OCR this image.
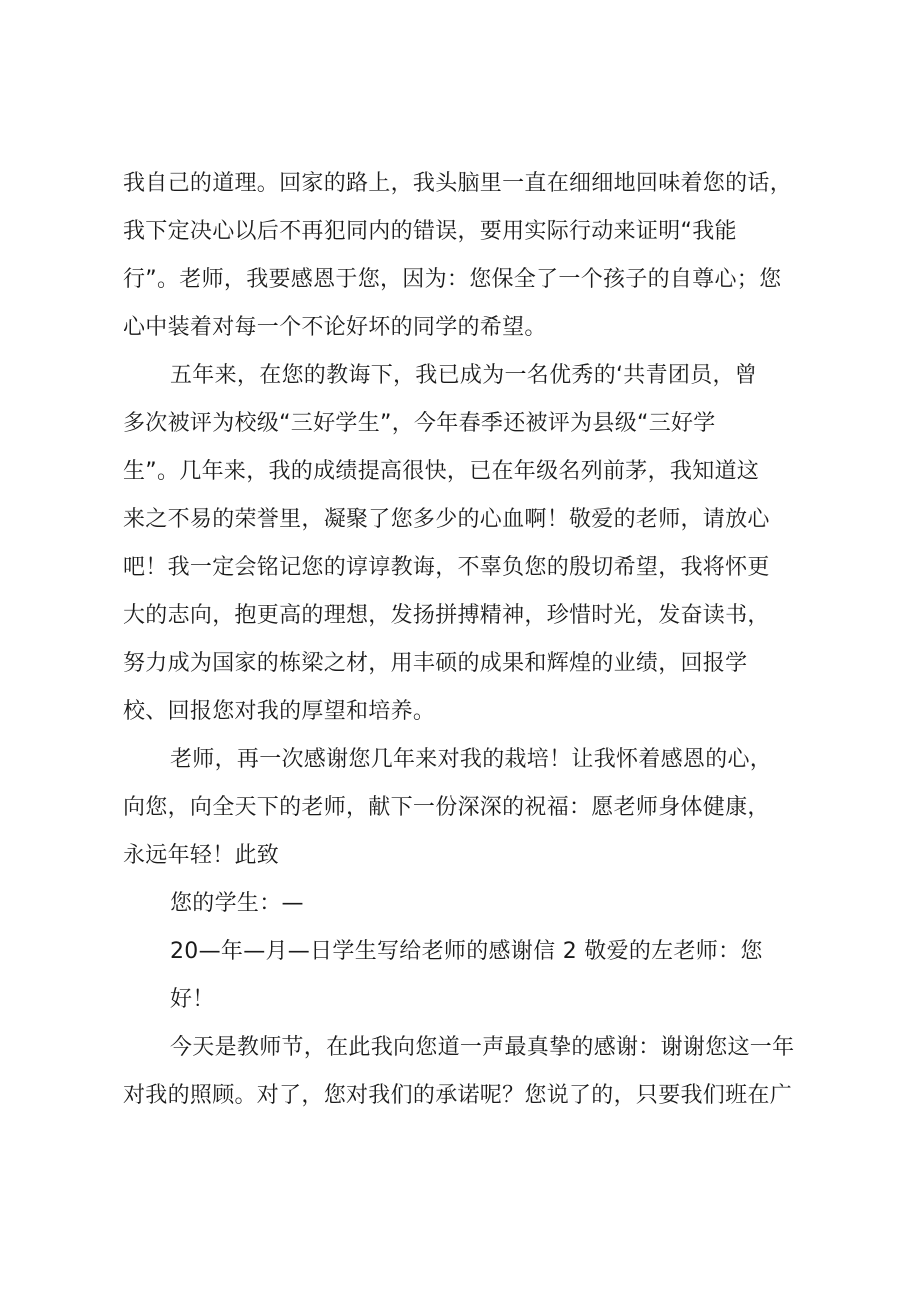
我自己的道理。回家的路上，我头脑里一直在细细地回味着您的话，
我下定决心以后不再犯同内的错误，要用实际行动来证明“我能
行”。老师，我要感恩于您，因为：您保全了一个孩子的自尊心；您
心中装着对每一个不论好坏的同学的希望。
五年来，在您的教诲下，我已成为一名优秀的‘共青团员，曾
多次被评为校级“三好学生”，今年春季还被评为县级“三好学
生”。几年来，我的成绩提高很快，已在年级名列前茅，我知道这
来之不易的荣誉里，凝聚了您多少的心血啊！敬爱的老师，请放心
吧！我一定会铭记您的谆谆教诲，不辜负您的殷切希望，我将怀更
大的志向，抱更高的理想，发扬拼搏精神，珍惜时光，发奋读书，
努力成为国家的栋梁之材，用丰硕的成果和辉煌的业绩，回报学
校、回报您对我的厚望和培养。
老师，再一次感谢您几年来对我的栽培！让我怀着感恩的心，
向您，向全天下的老师，献下一份深深的祝福：愿老师身体健康，
永远年轻！此致
您的学生：—
20—年—月—日学生写给老师的感谢信 2 敬爱的左老师：您
好！
今天是教师节，在此我向您道一声最真挚的感谢：谢谢您这一年
对我的照顾。对了，您对我们的承诺呢？您说了的，只要我们班在广
